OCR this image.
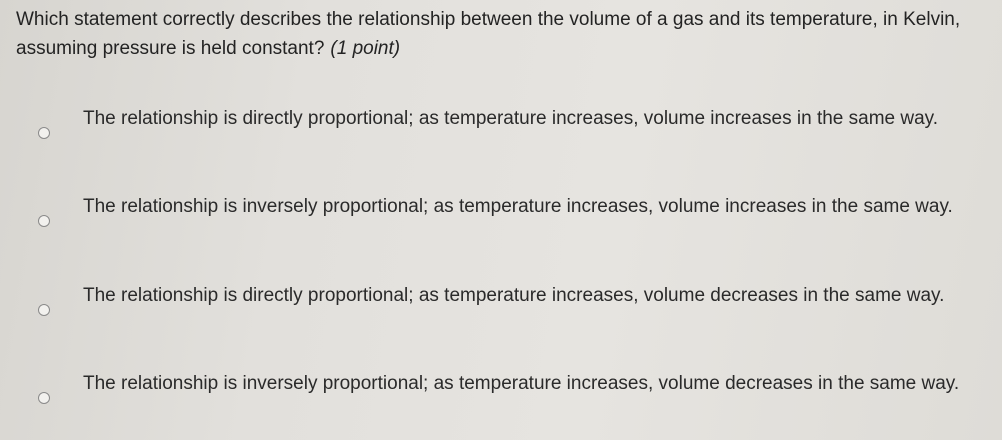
Which statement correctly describes the relationship between the volume of a gas and its temperature, in Kelvin, assuming pressure is held constant? (1 point)
The relationship is directly proportional; as temperature increases, volume increases in the same way.
The relationship is inversely proportional; as temperature increases, volume increases in the same way.
The relationship is directly proportional; as temperature increases, volume decreases in the same way.
The relationship is inversely proportional; as temperature increases, volume decreases in the same way.
